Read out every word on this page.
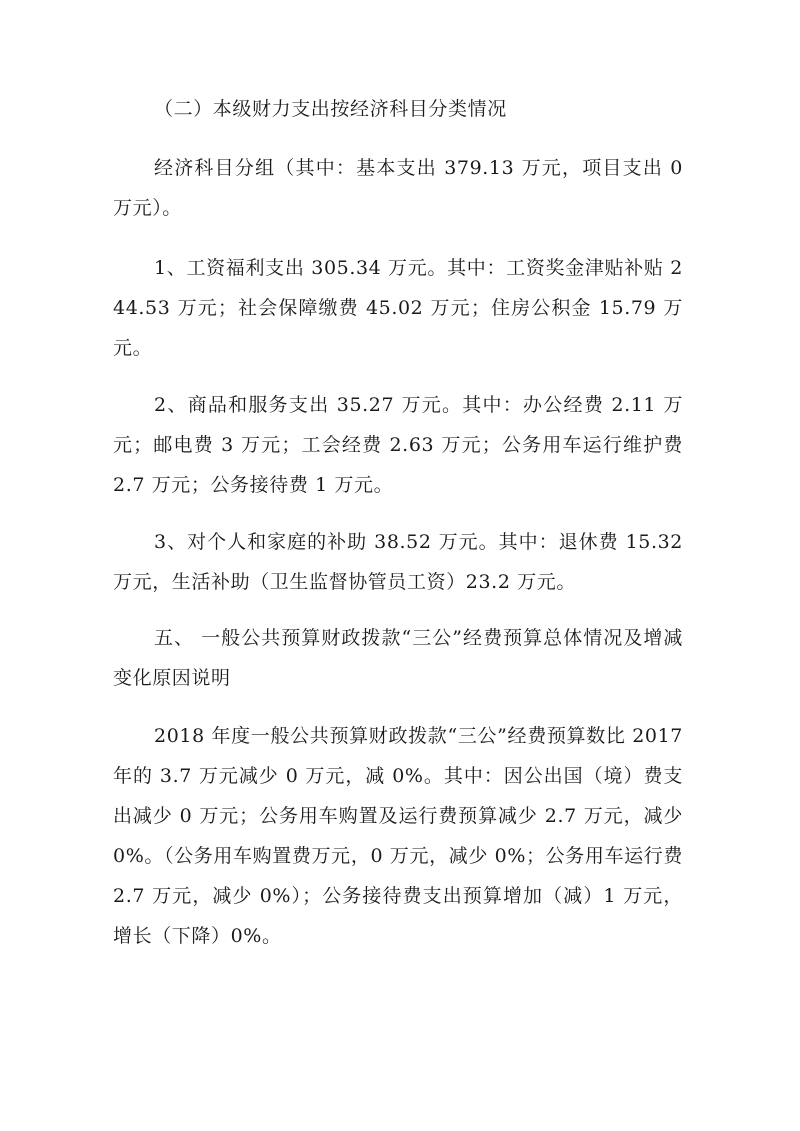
（二）本级财力支出按经济科目分类情况

经济科目分组（其中：基本支出 379.13 万元，项目支出 0 万元）。

1、工资福利支出 305.34 万元。其中：工资奖金津贴补贴 244.53 万元；社会保障缴费 45.02 万元；住房公积金 15.79 万元。

2、商品和服务支出 35.27 万元。其中：办公经费 2.11 万元；邮电费 3 万元；工会经费 2.63 万元；公务用车运行维护费 2.7 万元；公务接待费 1 万元。

3、对个人和家庭的补助 38.52 万元。其中：退休费 15.32 万元，生活补助（卫生监督协管员工资）23.2 万元。

五、 一般公共预算财政拨款“三公”经费预算总体情况及增减变化原因说明

2018 年度一般公共预算财政拨款“三公”经费预算数比 2017 年的 3.7 万元减少 0 万元，减 0%。其中：因公出国（境）费支出减少 0 万元；公务用车购置及运行费预算减少 2.7 万元，减少 0%。（公务用车购置费万元，0 万元，减少 0%；公务用车运行费 2.7 万元，减少 0%）；公务接待费支出预算增加（减）1 万元，增长（下降）0%。
